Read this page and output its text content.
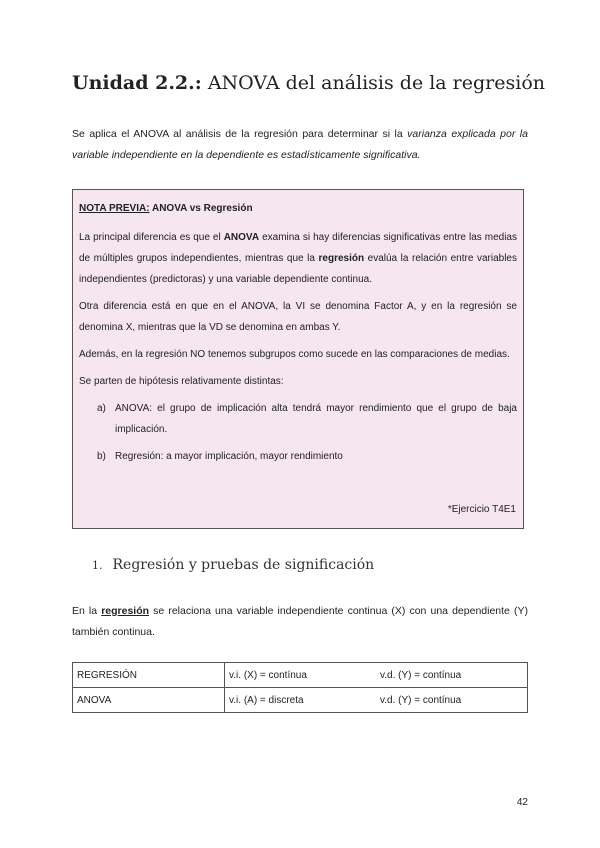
Unidad 2.2.: ANOVA del análisis de la regresión
Se aplica el ANOVA al análisis de la regresión para determinar si la varianza explicada por la variable independiente en la dependiente es estadísticamente significativa.

NOTA PREVIA: ANOVA vs Regresión

La principal diferencia es que el ANOVA examina si hay diferencias significativas entre las medias de múltiples grupos independientes, mientras que la regresión evalúa la relación entre variables independientes (predictoras) y una variable dependiente continua.

Otra diferencia está en que en el ANOVA, la VI se denomina Factor A, y en la regresión se denomina X, mientras que la VD se denomina en ambas Y.

Además, en la regresión NO tenemos subgrupos como sucede en las comparaciones de medias.

Se parten de hipótesis relativamente distintas:

a) ANOVA: el grupo de implicación alta tendrá mayor rendimiento que el grupo de baja implicación.
b) Regresión: a mayor implicación, mayor rendimiento
*Ejercicio T4E1
1. Regresión y pruebas de significación
En la regresión se relaciona una variable independiente continua (X) con una dependiente (Y) también continua.
REGRESIÓN	v.i. (X) = contínua	v.d. (Y) = contínua
ANOVA	v.i. (A) = discreta	v.d. (Y) = contínua
42
